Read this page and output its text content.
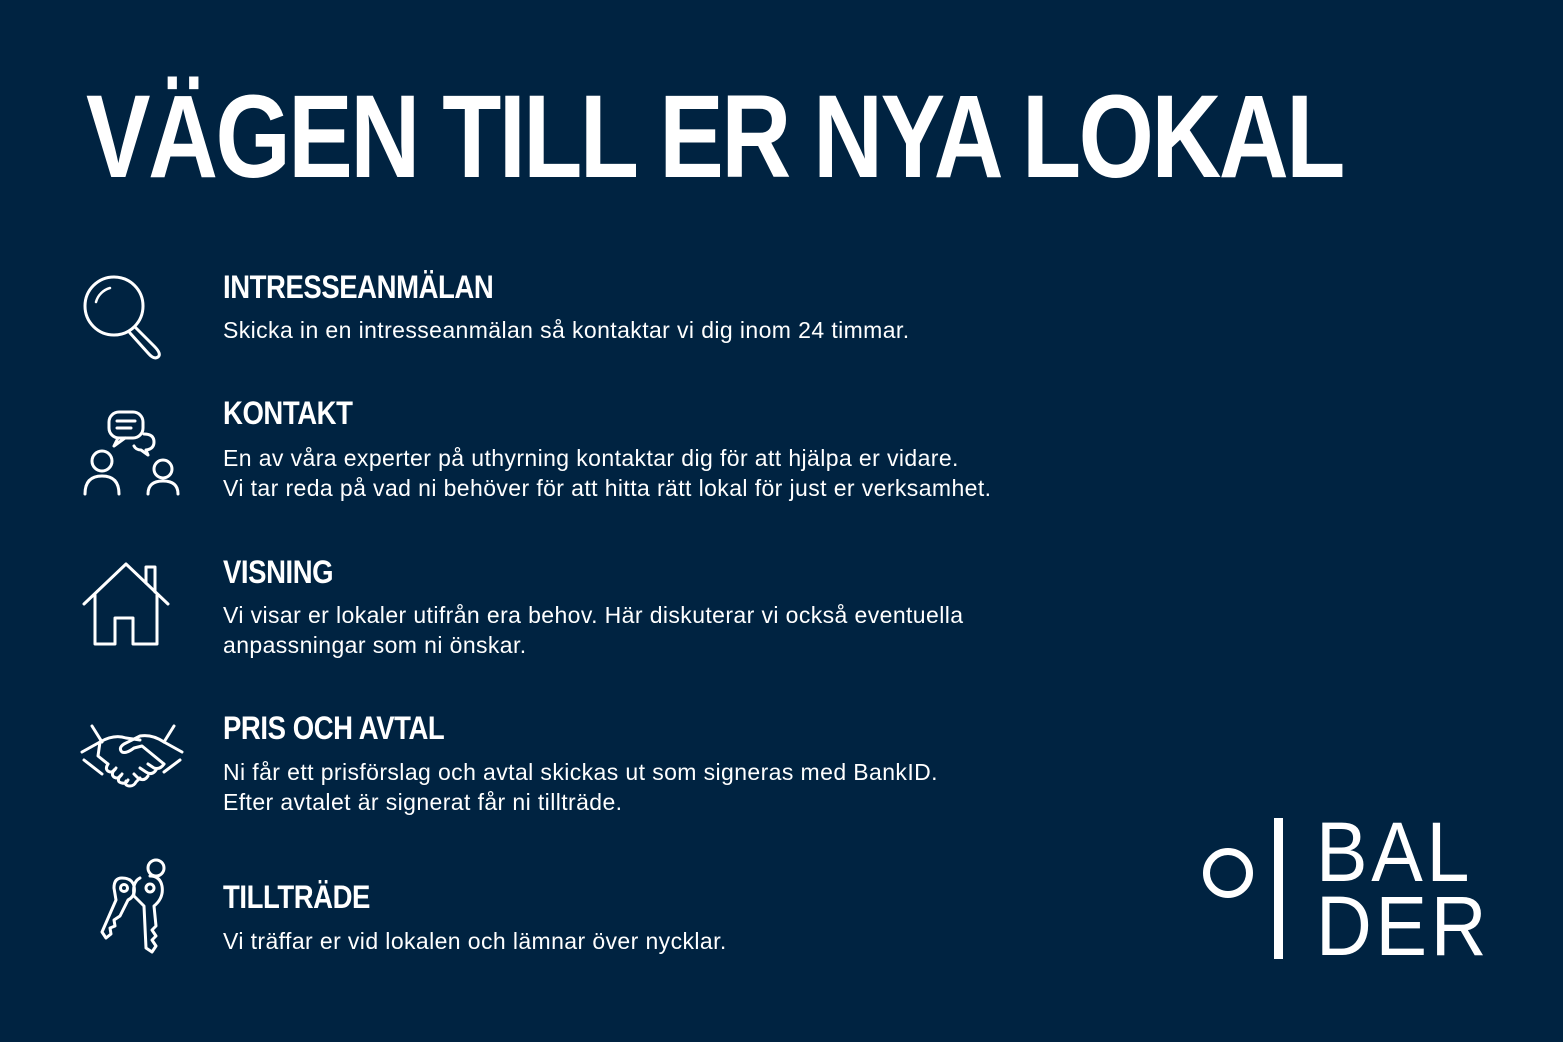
VÄGEN TILL ER NYA LOKAL
INTRESSEANMÄLAN

Skicka in en intresseanmälan så kontaktar vi dig inom 24 timmar.

KONTAKT

En av våra experter på uthyrning kontaktar dig för att hjälpa er vidare.
Vi tar reda på vad ni behöver för att hitta rätt lokal för just er verksamhet.

VISNING

Vi visar er lokaler utifrån era behov. Här diskuterar vi också eventuella
anpassningar som ni önskar.

PRIS OCH AVTAL

Ni får ett prisförslag och avtal skickas ut som signeras med BankID.
Efter avtalet är signerat får ni tillträde.

TILLTRÄDE

Vi träffar er vid lokalen och lämnar över nycklar.

BAL
DER
